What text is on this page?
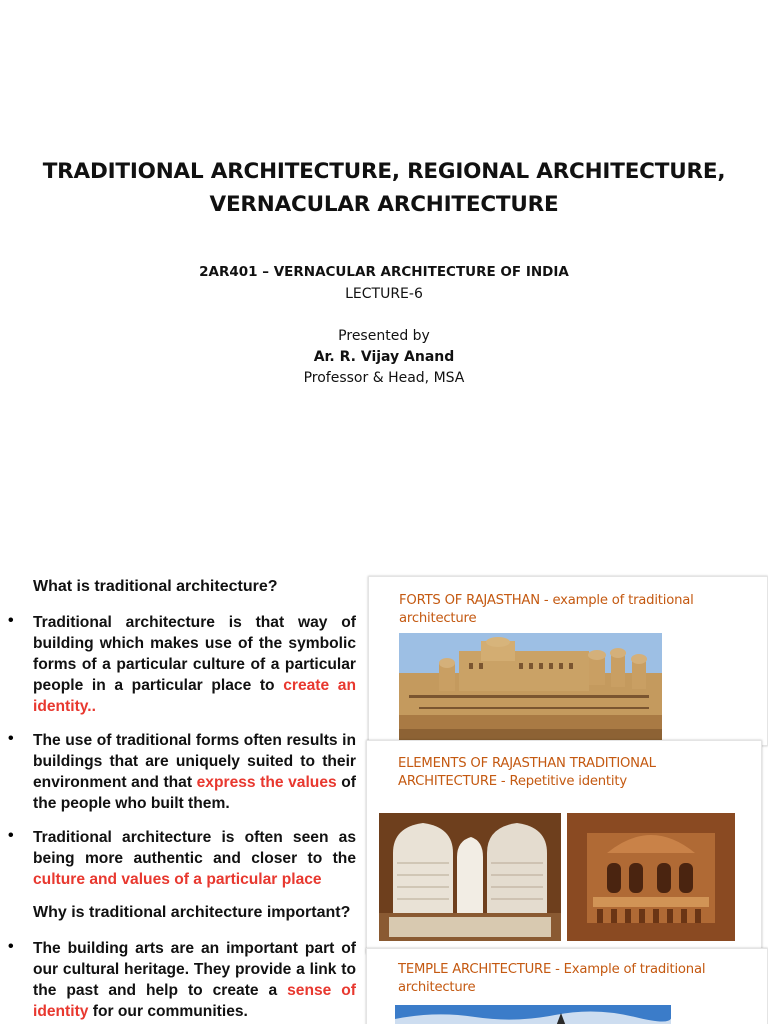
TRADITIONAL ARCHITECTURE, REGIONAL ARCHITECTURE,
VERNACULAR ARCHITECTURE
2AR401 – VERNACULAR ARCHITECTURE OF INDIA
LECTURE-6
Presented by
Ar. R. Vijay Anand
Professor & Head, MSA
What is traditional architecture?
• Traditional architecture is that way of building which makes use of the symbolic forms of a particular culture of a particular people in a particular place to create an identity..

• The use of traditional forms often results in buildings that are uniquely suited to their environment and that express the values of the people who built them.

• Traditional architecture is often seen as being more authentic and closer to the culture and values of a particular place

Why is traditional architecture important?
• The building arts are an important part of our cultural heritage. They provide a link to the past and help to create a sense of identity for our communities.

FORTS OF RAJASTHAN - example of traditional architecture
ELEMENTS OF RAJASTHAN TRADITIONAL ARCHITECTURE - Repetitive identity
TEMPLE ARCHITECTURE - Example of traditional architecture
